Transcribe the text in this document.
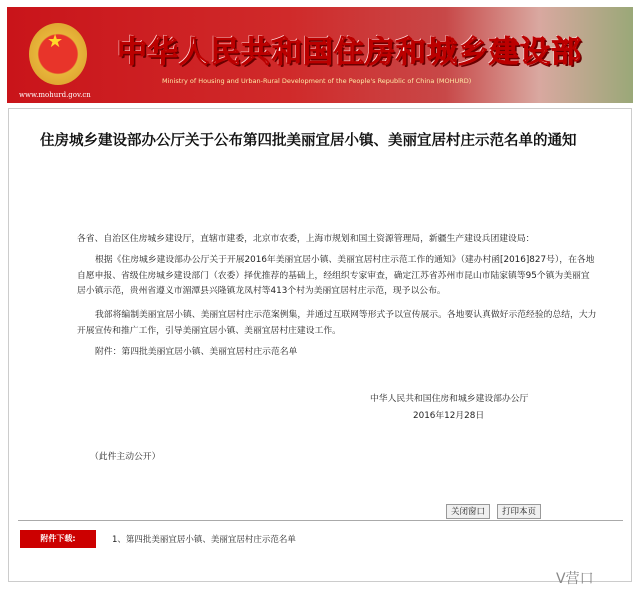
★
www.mohurd.gov.cn
中华人民共和国住房和城乡建设部
Ministry of Housing and Urban-Rural Development of the People's Republic of China (MOHURD)
住房城乡建设部办公厅关于公布第四批美丽宜居小镇、美丽宜居村庄示范名单的通知
各省、自治区住房城乡建设厅，直辖市建委，北京市农委，上海市规划和国土资源管理局，新疆生产建设兵团建设局：
根据《住房城乡建设部办公厅关于开展2016年美丽宜居小镇、美丽宜居村庄示范工作的通知》（建办村函[2016]827号），在各地自愿申报、省级住房城乡建设部门（农委）择优推荐的基础上，经组织专家审查，确定江苏省苏州市昆山市陆家镇等95个镇为美丽宜居小镇示范，贵州省遵义市湄潭县兴隆镇龙凤村等413个村为美丽宜居村庄示范，现予以公布。
我部将编制美丽宜居小镇、美丽宜居村庄示范案例集，并通过互联网等形式予以宣传展示。各地要认真做好示范经验的总结，大力开展宣传和推广工作，引导美丽宜居小镇、美丽宜居村庄建设工作。
附件：第四批美丽宜居小镇、美丽宜居村庄示范名单
中华人民共和国住房和城乡建设部办公厅
2016年12月28日
（此件主动公开）
关闭窗口	打印本页
附件下载:	1、第四批美丽宜居小镇、美丽宜居村庄示范名单
V营口
